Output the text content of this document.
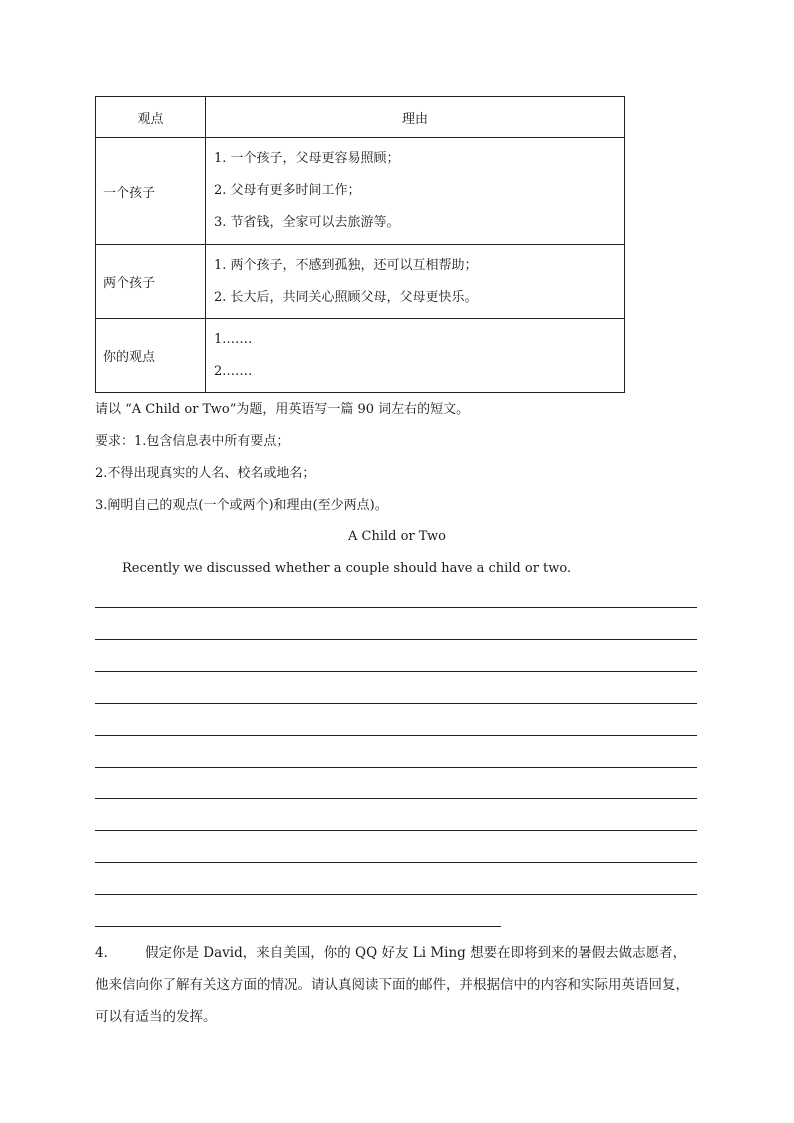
观点	理由
一个孩子	1. 一个孩子，父母更容易照顾；
2. 父母有更多时间工作；
3. 节省钱，全家可以去旅游等。

两个孩子	1. 两个孩子，不感到孤独，还可以互相帮助；
2. 长大后，共同关心照顾父母，父母更快乐。

你的观点	1.……
2.……
请以 “A Child or Two”为题，用英语写一篇 90 词左右的短文。
要求：1.包含信息表中所有要点；
2.不得出现真实的人名、校名或地名；
3.阐明自己的观点(一个或两个)和理由(至少两点)。
A Child or Two
Recently we discussed whether a couple should have a child or two.
4． 假定你是 David，来自美国，你的 QQ 好友 Li Ming 想要在即将到来的暑假去做志愿者，他来信向你了解有关这方面的情况。请认真阅读下面的邮件，并根据信中的内容和实际用英语回复，可以有适当的发挥。
